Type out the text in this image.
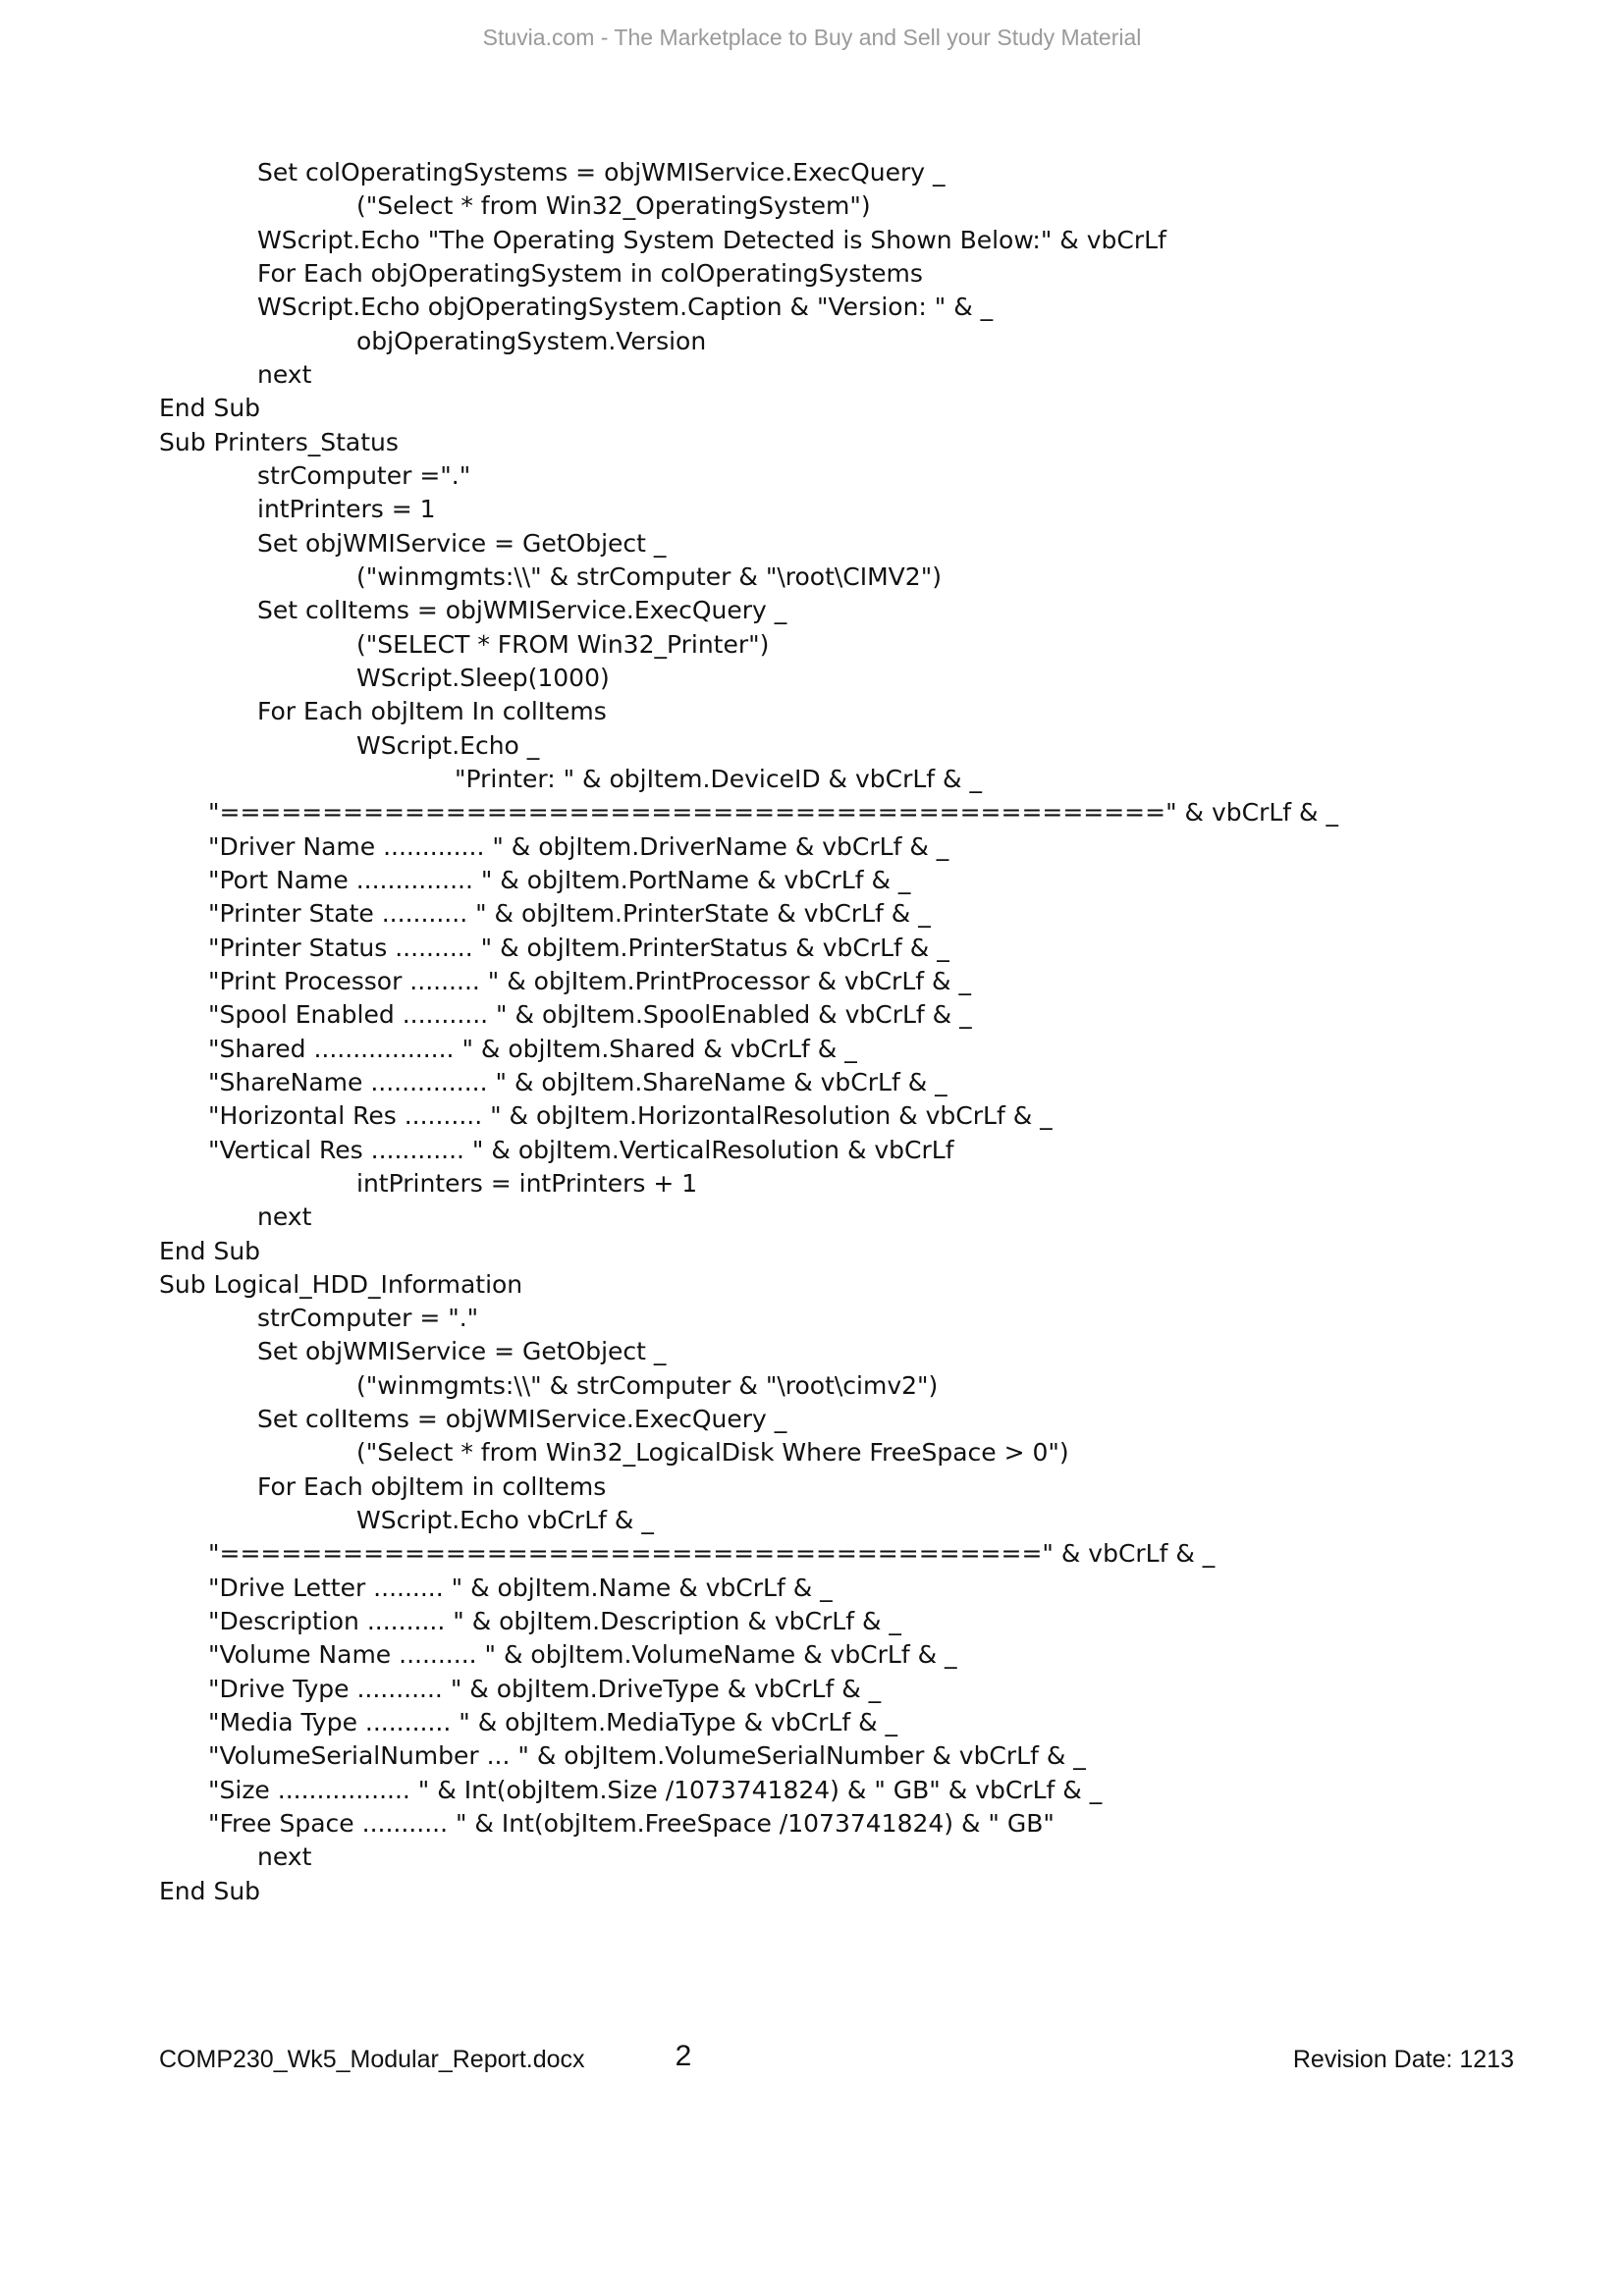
Stuvia.com - The Marketplace to Buy and Sell your Study Material
Set colOperatingSystems = objWMIService.ExecQuery _
("Select * from Win32_OperatingSystem")
WScript.Echo "The Operating System Detected is Shown Below:" & vbCrLf
For Each objOperatingSystem in colOperatingSystems
WScript.Echo objOperatingSystem.Caption & "Version: " & _
objOperatingSystem.Version
next
End Sub
Sub Printers_Status
strComputer ="."
intPrinters = 1
Set objWMIService = GetObject _
("winmgmts:\\" & strComputer & "\root\CIMV2")
Set colItems = objWMIService.ExecQuery _
("SELECT * FROM Win32_Printer")
WScript.Sleep(1000)
For Each objItem In colItems
WScript.Echo _
"Printer: " & objItem.DeviceID & vbCrLf & _
"==============================================" & vbCrLf & _
"Driver Name ............. " & objItem.DriverName & vbCrLf & _
"Port Name ............... " & objItem.PortName & vbCrLf & _
"Printer State ........... " & objItem.PrinterState & vbCrLf & _
"Printer Status .......... " & objItem.PrinterStatus & vbCrLf & _
"Print Processor ......... " & objItem.PrintProcessor & vbCrLf & _
"Spool Enabled ........... " & objItem.SpoolEnabled & vbCrLf & _
"Shared .................. " & objItem.Shared & vbCrLf & _
"ShareName ............... " & objItem.ShareName & vbCrLf & _
"Horizontal Res .......... " & objItem.HorizontalResolution & vbCrLf & _
"Vertical Res ............ " & objItem.VerticalResolution & vbCrLf
intPrinters = intPrinters + 1
next
End Sub
Sub Logical_HDD_Information
strComputer = "."
Set objWMIService = GetObject _
("winmgmts:\\" & strComputer & "\root\cimv2")
Set colItems = objWMIService.ExecQuery _
("Select * from Win32_LogicalDisk Where FreeSpace > 0")
For Each objItem in colItems
WScript.Echo vbCrLf & _
"========================================" & vbCrLf & _
"Drive Letter ......... " & objItem.Name & vbCrLf & _
"Description .......... " & objItem.Description & vbCrLf & _
"Volume Name .......... " & objItem.VolumeName & vbCrLf & _
"Drive Type ........... " & objItem.DriveType & vbCrLf & _
"Media Type ........... " & objItem.MediaType & vbCrLf & _
"VolumeSerialNumber ... " & objItem.VolumeSerialNumber & vbCrLf & _
"Size ................. " & Int(objItem.Size /1073741824) & " GB" & vbCrLf & _
"Free Space ........... " & Int(objItem.FreeSpace /1073741824) & " GB"
next
End Sub
COMP230_Wk5_Modular_Report.docx	2	Revision Date: 1213
